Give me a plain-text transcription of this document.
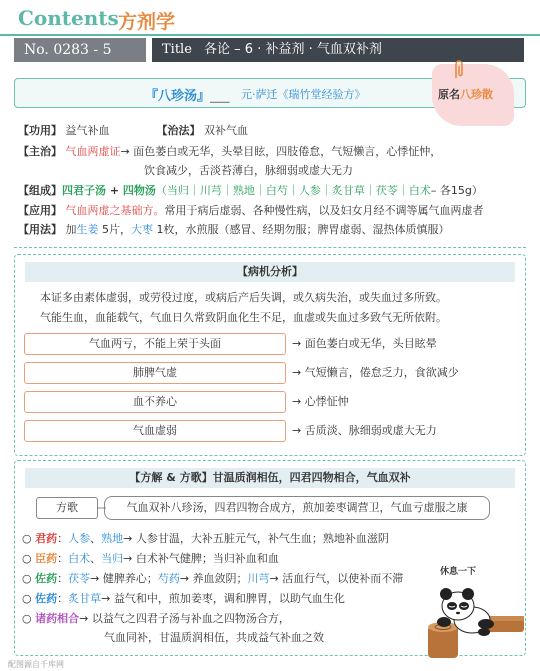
Contents 方剂学
No. 0283 - 5	Title 各论 – 6 · 补益剂 · 气血双补剂
『八珍汤』___ 元·萨迁《瑞竹堂经验方》	原名八珍散
【功用】 益气补血	【治法】 双补气血
【主治】 气血两虚证→ 面色萎白或无华，头晕目眩，四肢倦怠，气短懒言，心悸怔忡，
饮食减少，舌淡苔薄白，脉细弱或虚大无力
【组成】四君子汤 + 四物汤（当归｜川芎｜熟地｜白芍｜人参｜炙甘草｜茯苓｜白术– 各15g）
【应用】 气血两虚之基础方。常用于病后虚弱、各种慢性病，以及妇女月经不调等属气血两虚者
【用法】 加生姜 5片，大枣 1枚，水煎服（感冒、经期勿服；脾胃虚弱、湿热体质慎服）
【病机分析】
本证多由素体虚弱，或劳役过度，或病后产后失调，或久病失治，或失血过多所致。
气能生血，血能载气，气血日久常致阴血化生不足，血虚或失血过多致气无所依附。
气血两亏，不能上荣于头面	→ 面色萎白或无华，头目眩晕
肺脾气虚	→ 气短懒言，倦怠乏力，食欲减少
血不养心	→ 心悸怔忡
气血虚弱	→ 舌质淡、脉细弱或虚大无力
【方解 & 方歌】甘温质润相伍，四君四物相合，气血双补
方歌	气血双补八珍汤，四君四物合成方，煎加姜枣调营卫，气血亏虚服之康
○ 君药：人参、熟地→ 人参甘温，大补五脏元气，补气生血；熟地补血滋阴
○ 臣药：白术、当归→ 白术补气健脾；当归补血和血
○ 佐药：茯苓→ 健脾养心；芍药→ 养血敛阴；川芎→ 活血行气，以使补而不滞
○ 佐药：炙甘草→ 益气和中，煎加姜枣，调和脾胃，以助气血生化
○ 诸药相合→ 以益气之四君子汤与补血之四物汤合方，
气血同补，甘温质润相伍，共成益气补血之效
休息一下
配图源自千库网
